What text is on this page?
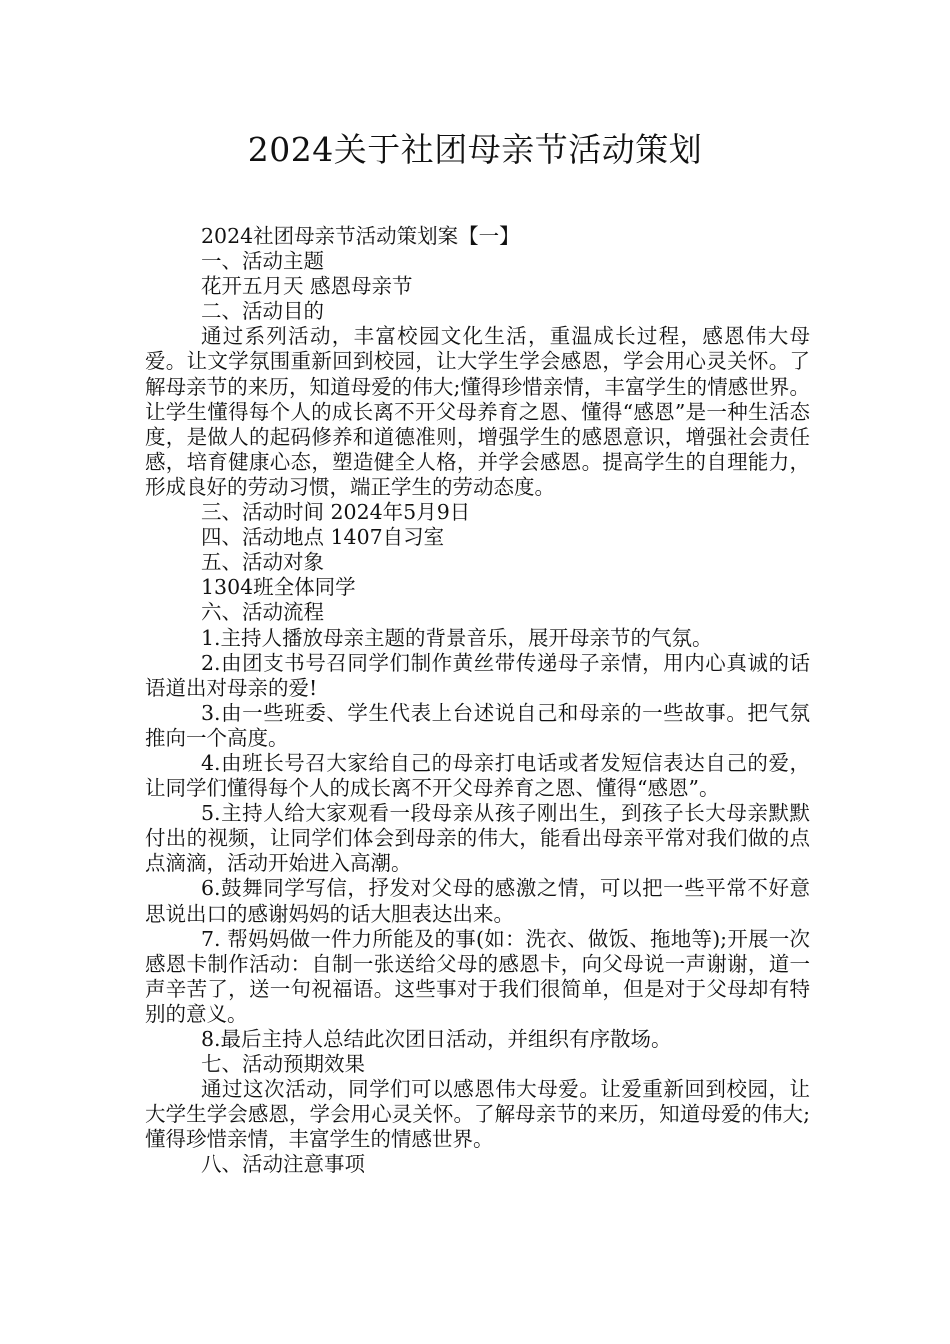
2024关于社团母亲节活动策划

2024社团母亲节活动策划案【一】

一、活动主题

花开五月天 感恩母亲节

二、活动目的

通过系列活动，丰富校园文化生活，重温成长过程，感恩伟大母爱。让文学氛围重新回到校园，让大学生学会感恩，学会用心灵关怀。了解母亲节的来历，知道母爱的伟大;懂得珍惜亲情，丰富学生的情感世界。让学生懂得每个人的成长离不开父母养育之恩、懂得“感恩”是一种生活态度，是做人的起码修养和道德准则，增强学生的感恩意识，增强社会责任感，培育健康心态，塑造健全人格，并学会感恩。提高学生的自理能力，形成良好的劳动习惯，端正学生的劳动态度。

三、活动时间 2024年5月9日

四、活动地点 1407自习室

五、活动对象

1304班全体同学

六、活动流程

1.主持人播放母亲主题的背景音乐，展开母亲节的气氛。

2.由团支书号召同学们制作黄丝带传递母子亲情，用内心真诚的话语道出对母亲的爱!

3.由一些班委、学生代表上台述说自己和母亲的一些故事。把气氛推向一个高度。

4.由班长号召大家给自己的母亲打电话或者发短信表达自己的爱，让同学们懂得每个人的成长离不开父母养育之恩、懂得“感恩”。

5.主持人给大家观看一段母亲从孩子刚出生，到孩子长大母亲默默付出的视频，让同学们体会到母亲的伟大，能看出母亲平常对我们做的点点滴滴，活动开始进入高潮。

6.鼓舞同学写信，抒发对父母的感激之情，可以把一些平常不好意思说出口的感谢妈妈的话大胆表达出来。

7. 帮妈妈做一件力所能及的事(如：洗衣、做饭、拖地等);开展一次感恩卡制作活动：自制一张送给父母的感恩卡，向父母说一声谢谢，道一声辛苦了，送一句祝福语。这些事对于我们很简单，但是对于父母却有特别的意义。

8.最后主持人总结此次团日活动，并组织有序散场。

七、活动预期效果

通过这次活动，同学们可以感恩伟大母爱。让爱重新回到校园，让大学生学会感恩，学会用心灵关怀。了解母亲节的来历，知道母爱的伟大;懂得珍惜亲情，丰富学生的情感世界。

八、活动注意事项
